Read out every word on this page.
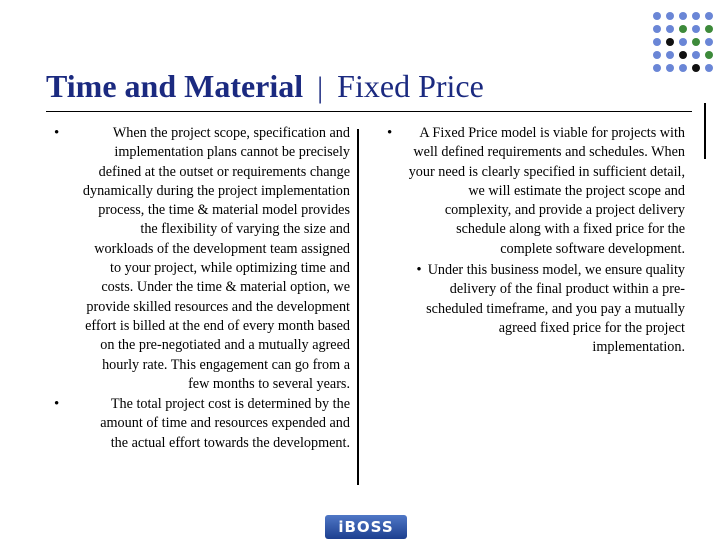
Time and Material | Fixed Price
•	When the project scope, specification and implementation plans cannot be precisely defined at the outset or requirements change dynamically during the project implementation process, the time & material model provides the flexibility of varying the size and workloads of the development team assigned to your project, while optimizing time and costs. Under the time & material option, we provide skilled resources and the development effort is billed at the end of every month based on the pre-negotiated and a mutually agreed hourly rate. This engagement can go from a few months to several years.
•	The total project cost is determined by the amount of time and resources expended and the actual effort towards the development.
•	A Fixed Price model is viable for projects with well defined requirements and schedules. When your need is clearly specified in sufficient detail, we will estimate the project scope and complexity, and provide a project delivery schedule along with a fixed price for the complete software development.
• Under this business model, we ensure quality delivery of the final product within a pre-scheduled timeframe, and you pay a mutually agreed fixed price for the project implementation.
iBOSS
